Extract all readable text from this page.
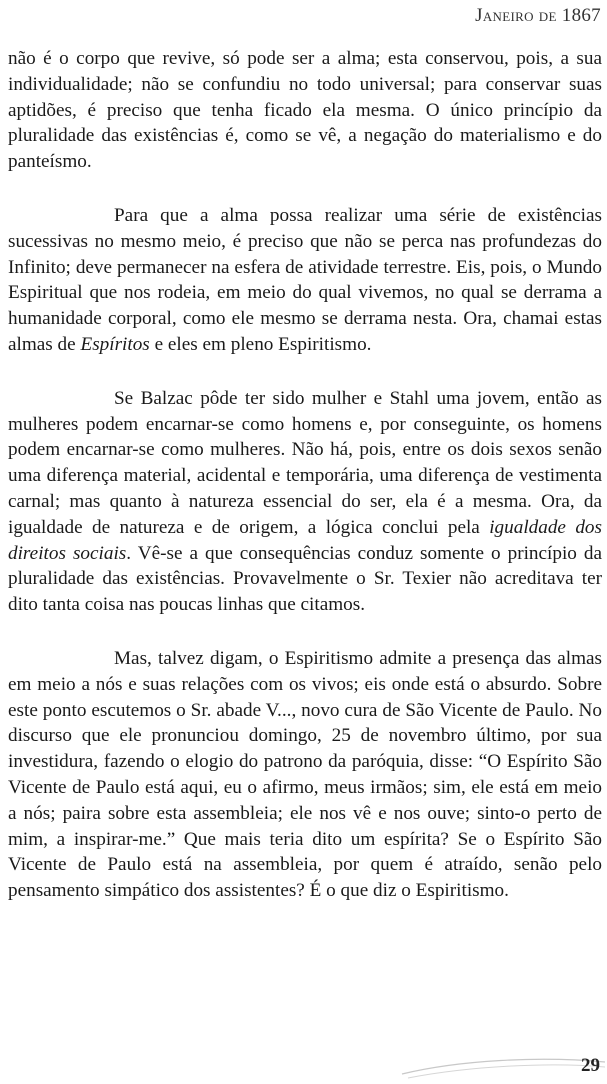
Janeiro de 1867

não é o corpo que revive, só pode ser a alma; esta conservou, pois, a sua individualidade; não se confundiu no todo universal; para conservar suas aptidões, é preciso que tenha ficado ela mesma. O único princípio da pluralidade das existências é, como se vê, a negação do materialismo e do panteísmo.

Para que a alma possa realizar uma série de existências sucessivas no mesmo meio, é preciso que não se perca nas profundezas do Infinito; deve permanecer na esfera de atividade terrestre. Eis, pois, o Mundo Espiritual que nos rodeia, em meio do qual vivemos, no qual se derrama a humanidade corporal, como ele mesmo se derrama nesta. Ora, chamai estas almas de Espíritos e eles em pleno Espiritismo.

Se Balzac pôde ter sido mulher e Stahl uma jovem, então as mulheres podem encarnar-se como homens e, por conseguinte, os homens podem encarnar-se como mulheres. Não há, pois, entre os dois sexos senão uma diferença material, acidental e temporária, uma diferença de vestimenta carnal; mas quanto à natureza essencial do ser, ela é a mesma. Ora, da igualdade de natureza e de origem, a lógica conclui pela igualdade dos direitos sociais. Vê-se a que consequências conduz somente o princípio da pluralidade das existências. Provavelmente o Sr. Texier não acreditava ter dito tanta coisa nas poucas linhas que citamos.

Mas, talvez digam, o Espiritismo admite a presença das almas em meio a nós e suas relações com os vivos; eis onde está o absurdo. Sobre este ponto escutemos o Sr. abade V..., novo cura de São Vicente de Paulo. No discurso que ele pronunciou domingo, 25 de novembro último, por sua investidura, fazendo o elogio do patrono da paróquia, disse: “O Espírito São Vicente de Paulo está aqui, eu o afirmo, meus irmãos; sim, ele está em meio a nós; paira sobre esta assembleia; ele nos vê e nos ouve; sinto-o perto de mim, a inspirar-me.” Que mais teria dito um espírita? Se o Espírito São Vicente de Paulo está na assembleia, por quem é atraído, senão pelo pensamento simpático dos assistentes? É o que diz o Espiritismo.

29
